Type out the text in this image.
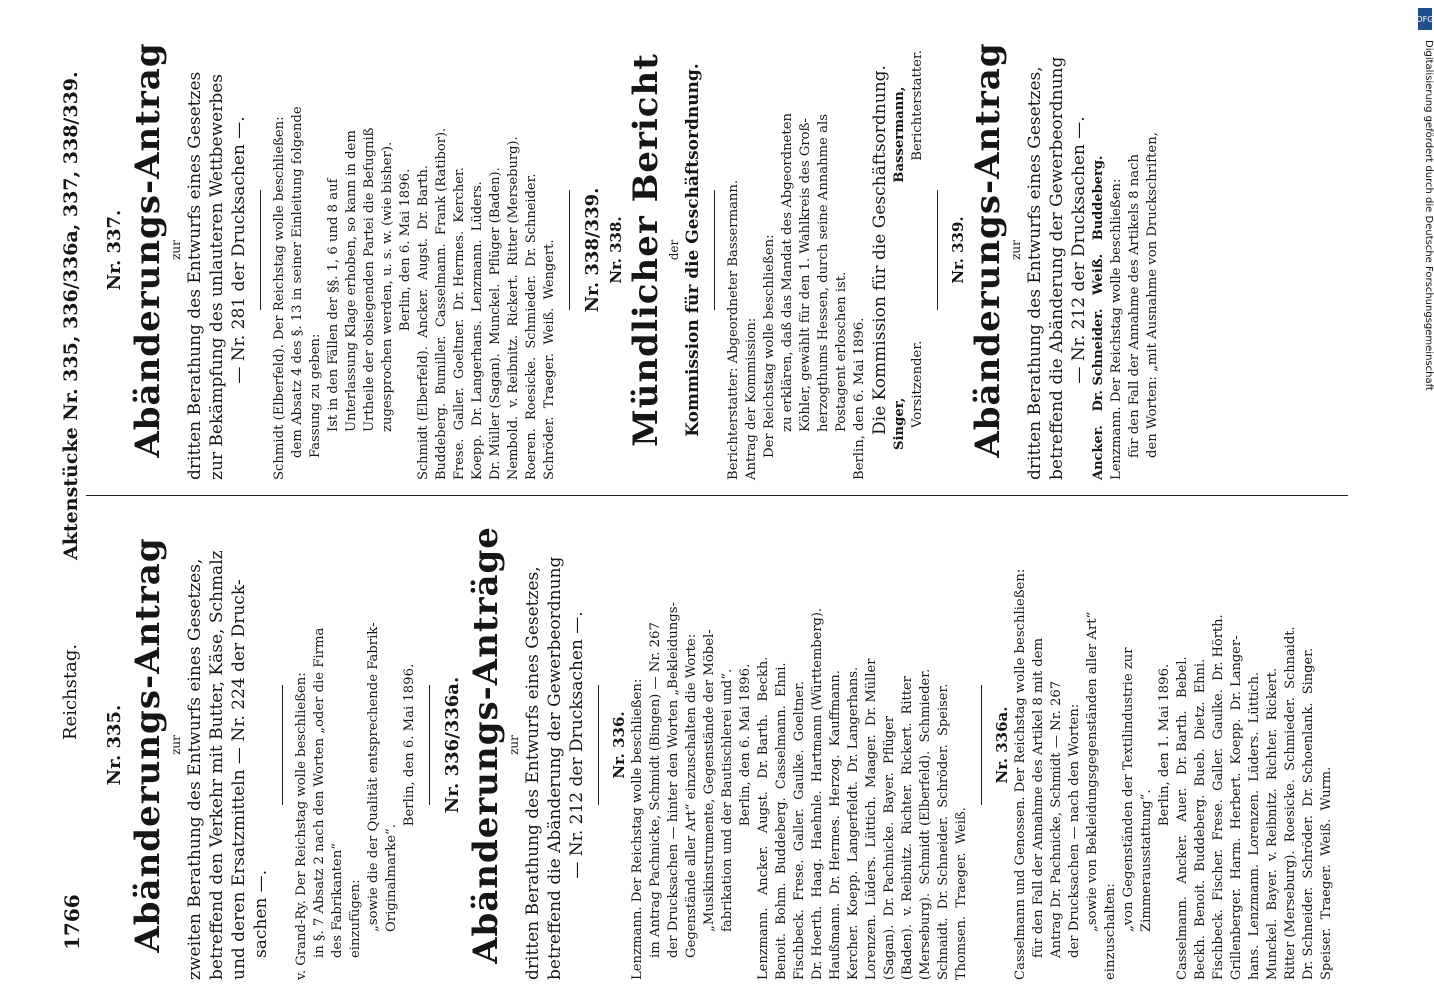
1766
Reichstag.
Aktenstücke Nr. 335, 336/336a, 337, 338/339.
Nr. 335. Abänderungs-Antrag zur zweiten Berathung des Entwurfs eines Gesetzes, betreffend den Verkehr mit Butter, Käse, Schmalz und deren Ersatzmitteln — Nr. 224 der Druck- sachen —. v. Grand-Ry. Der Reichstag wolle beschließen: in §. 7 Absatz 2 nach den Worten „oder die Firma des Fabrikanten“ einzufügen: „sowie die der Qualität entsprechende Fabrik- Originalmarke“.
Berlin, den 6. Mai 1896. Nr. 336/336a. Abänderungs-Anträge zur dritten Berathung des Entwurfs eines Gesetzes, betreffend die Abänderung der Gewerbeordnung — Nr. 212 der Drucksachen —. Nr. 336. Lenzmann. Der Reichstag wolle beschließen: im Antrag Pachnicke, Schmidt (Bingen) — Nr. 267 der Drucksachen — hinter den Worten „Bekleidungs- Gegenstände aller Art“ einzuschalten die Worte: „Musikinstrumente, Gegenstände der Möbel- fabrikation und der Bautischlerei und“. Berlin, den 6. Mai 1896. Lenzmann.   Ancker.   Augst.   Dr. Barth.   Beckh. Benoit.  Bohm.  Buddeberg.  Casselmann.  Ehni. Fischbeck.  Frese.  Galler.  Gaulke.  Goeltner. Dr. Hoerth.  Haag.  Haehnle.  Hartmann (Württemberg). Haußmann.  Dr. Hermes.  Herzog.  Kauffmann. Kercher.  Koepp.  Langerfeldt.  Dr. Langerhans. Lorenzen.  Lüders.  Lüttich.  Maager.  Dr. Müller (Sagan).  Dr. Pachnicke.  Bayer.  Pflüger (Baden).  v. Reibnitz.  Richter.  Rickert.  Ritter (Merseburg).  Schmidt (Elberfeld).  Schmieder. Schnaidt.  Dr. Schneider.  Schröder.  Speiser. Thomsen.  Traeger.  Weiß.
Nr. 336a. Casselmann und Genossen. Der Reichstag wolle beschließen: für den Fall der Annahme des Artikel 8 mit dem Antrag Dr. Pachnicke, Schmidt — Nr. 267 der Drucksachen — nach den Worten: „sowie von Bekleidungsgegenständen aller Art“ einzuschalten: „von Gegenständen der Textilindustrie zur Zimmerausstattung“.
Berlin, den 1. Mai 1896. Casselmann.   Ancker.   Auer.   Dr. Barth.   Bebel. Beckh.  Benoit.  Buddeberg.  Bueb.  Dietz.  Ehni. Fischbeck.  Fischer.  Frese.  Galler.  Gaulke.  Dr. Hörth. Grillenberger.  Harm.  Herbert.  Koepp.  Dr. Langer- hans.  Lenzmann.  Lorenzen.  Lüders.  Lüttich. Munckel.  Bayer.  v. Reibnitz.  Richter.  Rickert. Ritter (Merseburg).  Roesicke.  Schmieder.  Schnaidt. Dr. Schneider.  Schröder.  Dr. Schoenlank.  Singer. Speiser.  Traeger.  Weiß.  Wurm.
Nr. 337. Abänderungs-Antrag zur dritten Berathung des Entwurfs eines Gesetzes zur Bekämpfung des unlauteren Wettbewerbes — Nr. 281 der Drucksachen —. Schmidt (Elberfeld). Der Reichstag wolle beschließen: dem Absatz 4 des §. 13 in seiner Einleitung folgende Fassung zu geben: Ist in den Fällen der §§. 1, 6 und 8 auf Unterlassung Klage erhoben, so kann in dem Urtheile der obsiegenden Partei die Befugniß zugesprochen werden, u. s. w. (wie bisher). Berlin, den 6. Mai 1896. Schmidt (Elberfeld).  Ancker.  Augst.  Dr. Barth. Buddeberg.  Bumiller.  Casselmann.  Frank (Ratibor). Frese.  Galler.  Goeltner.  Dr. Hermes.  Kercher. Koepp.  Dr. Langerhans.  Lenzmann.  Lüders. Dr. Müller (Sagan).  Munckel.  Pflüger (Baden). Nembold.  v. Reibnitz.  Rickert.  Ritter (Merseburg). Roeren.  Roesicke.  Schmieder.  Dr. Schneider. Schröder.  Traeger.  Weiß.  Wengert. Nr. 338/339. Nr. 338. Mündlicher Bericht der Kommission für die Geschäftsordnung. Berichterstatter: Abgeordneter Bassermann. Antrag der Kommission: Der Reichstag wolle beschließen: zu erklären, daß das Mandat des Abgeordneten Köhler, gewählt für den 1. Wahlkreis des Groß- herzogthums Hessen, durch seine Annahme als Postagent erloschen ist. Berlin, den 6. Mai 1896. Die Kommission für die Geschäftsordnung. Singer, Vorsitzender.
Bassermann, Berichterstatter.
Nr. 339. Abänderungs-Antrag zur dritten Berathung des Entwurfs eines Gesetzes, betreffend die Abänderung der Gewerbeordnung — Nr. 212 der Drucksachen —. Ancker.   Dr. Schneider.   Weiß.   Buddeberg. Lenzmann. Der Reichstag wolle beschließen: für den Fall der Annahme des Artikels 8 nach den Worten: „mit Ausnahme von Druckschriften,
DFG
Digitalisierung gefördert durch die Deutsche Forschungsgemeinschaft
